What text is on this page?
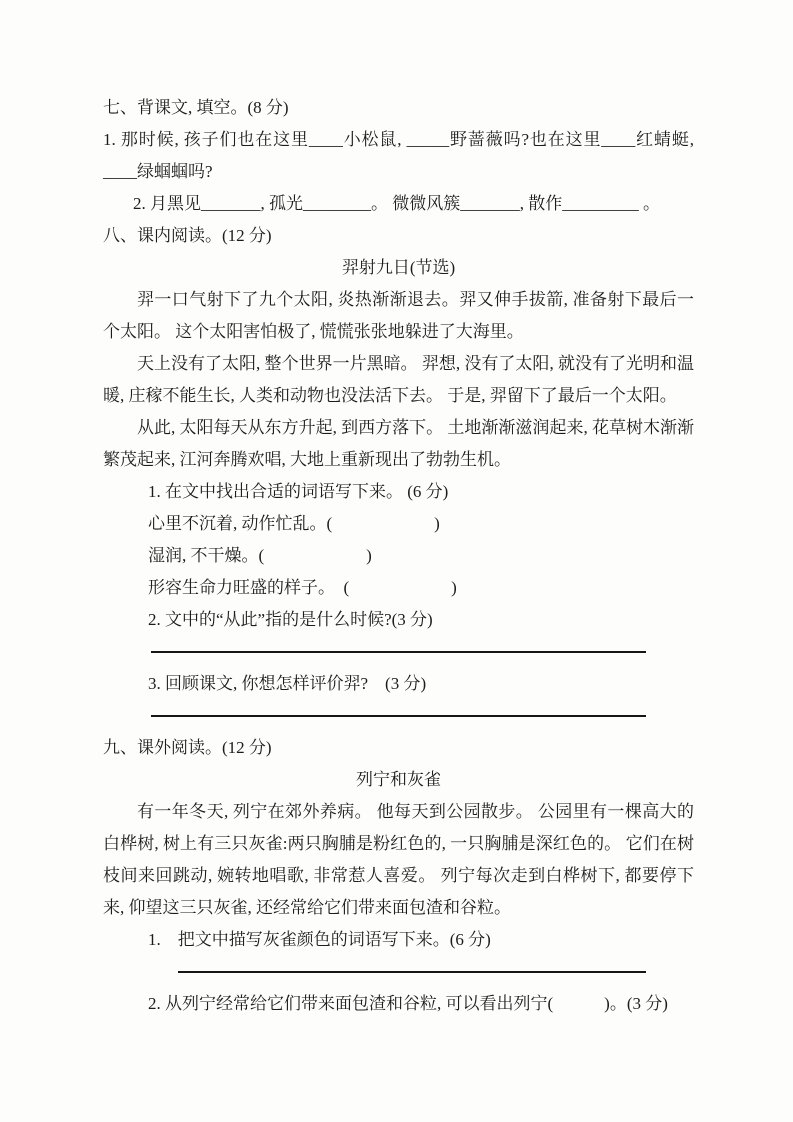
七、背课文, 填空。(8 分)
1. 那时候, 孩子们也在这里____小松鼠, _____野蔷薇吗?也在这里____红蜻蜓, ____绿蝈蝈吗?
2. 月黑见_______, 孤光________。 微微风簇_______, 散作_________ 。
八、课内阅读。(12 分)
羿射九日(节选)
羿一口气射下了九个太阳, 炎热渐渐退去。羿又伸手拔箭, 准备射下最后一个太阳。 这个太阳害怕极了, 慌慌张张地躲进了大海里。
天上没有了太阳, 整个世界一片黑暗。 羿想, 没有了太阳, 就没有了光明和温暖, 庄稼不能生长, 人类和动物也没法活下去。 于是, 羿留下了最后一个太阳。
从此, 太阳每天从东方升起, 到西方落下。 土地渐渐滋润起来, 花草树木渐渐繁茂起来, 江河奔腾欢唱, 大地上重新现出了勃勃生机。
1. 在文中找出合适的词语写下来。 (6 分)
心里不沉着, 动作忙乱。(　　　　　　)
湿润, 不干燥。(　　　　　　)
形容生命力旺盛的样子。　(　　　　　　)
2. 文中的“从此”指的是什么时候?(3 分)
3. 回顾课文, 你想怎样评价羿?　(3 分)
九、课外阅读。(12 分)
列宁和灰雀
有一年冬天, 列宁在郊外养病。 他每天到公园散步。 公园里有一棵高大的白桦树, 树上有三只灰雀:两只胸脯是粉红色的, 一只胸脯是深红色的。 它们在树枝间来回跳动, 婉转地唱歌, 非常惹人喜爱。 列宁每次走到白桦树下, 都要停下来, 仰望这三只灰雀, 还经常给它们带来面包渣和谷粒。
1.　把文中描写灰雀颜色的词语写下来。(6 分)
2. 从列宁经常给它们带来面包渣和谷粒, 可以看出列宁(　　　)。(3 分)
